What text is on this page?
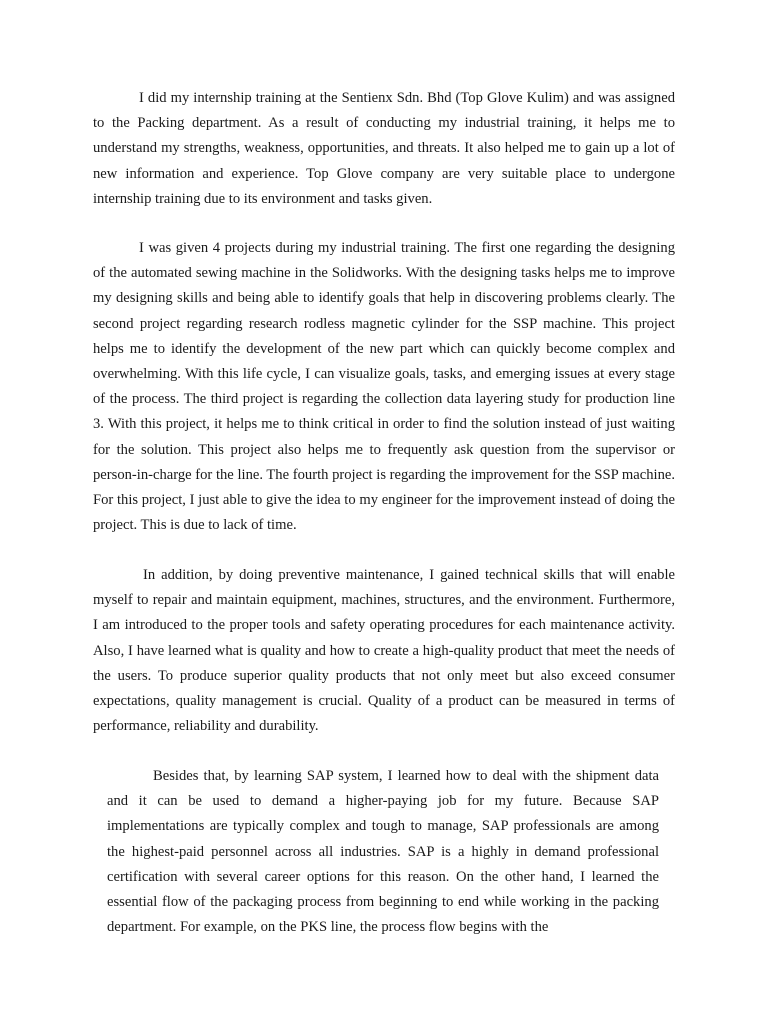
I did my internship training at the Sentienx Sdn. Bhd (Top Glove Kulim) and was assigned to the Packing department. As a result of conducting my industrial training, it helps me to understand my strengths, weakness, opportunities, and threats. It also helped me to gain up a lot of new information and experience. Top Glove company are very suitable place to undergone internship training due to its environment and tasks given.

I was given 4 projects during my industrial training. The first one regarding the designing of the automated sewing machine in the Solidworks. With the designing tasks helps me to improve my designing skills and being able to identify goals that help in discovering problems clearly. The second project regarding research rodless magnetic cylinder for the SSP machine. This project helps me to identify the development of the new part which can quickly become complex and overwhelming. With this life cycle, I can visualize goals, tasks, and emerging issues at every stage of the process. The third project is regarding the collection data layering study for production line 3. With this project, it helps me to think critical in order to find the solution instead of just waiting for the solution. This project also helps me to frequently ask question from the supervisor or person-in-charge for the line. The fourth project is regarding the improvement for the SSP machine. For this project, I just able to give the idea to my engineer for the improvement instead of doing the project. This is due to lack of time.

In addition, by doing preventive maintenance, I gained technical skills that will enable myself to repair and maintain equipment, machines, structures, and the environment. Furthermore, I am introduced to the proper tools and safety operating procedures for each maintenance activity. Also, I have learned what is quality and how to create a high-quality product that meet the needs of the users. To produce superior quality products that not only meet but also exceed consumer expectations, quality management is crucial. Quality of a product can be measured in terms of performance, reliability and durability.

Besides that, by learning SAP system, I learned how to deal with the shipment data and it can be used to demand a higher-paying job for my future. Because SAP implementations are typically complex and tough to manage, SAP professionals are among the highest-paid personnel across all industries. SAP is a highly in demand professional certification with several career options for this reason. On the other hand, I learned the essential flow of the packaging process from beginning to end while working in the packing department. For example, on the PKS line, the process flow begins with the
